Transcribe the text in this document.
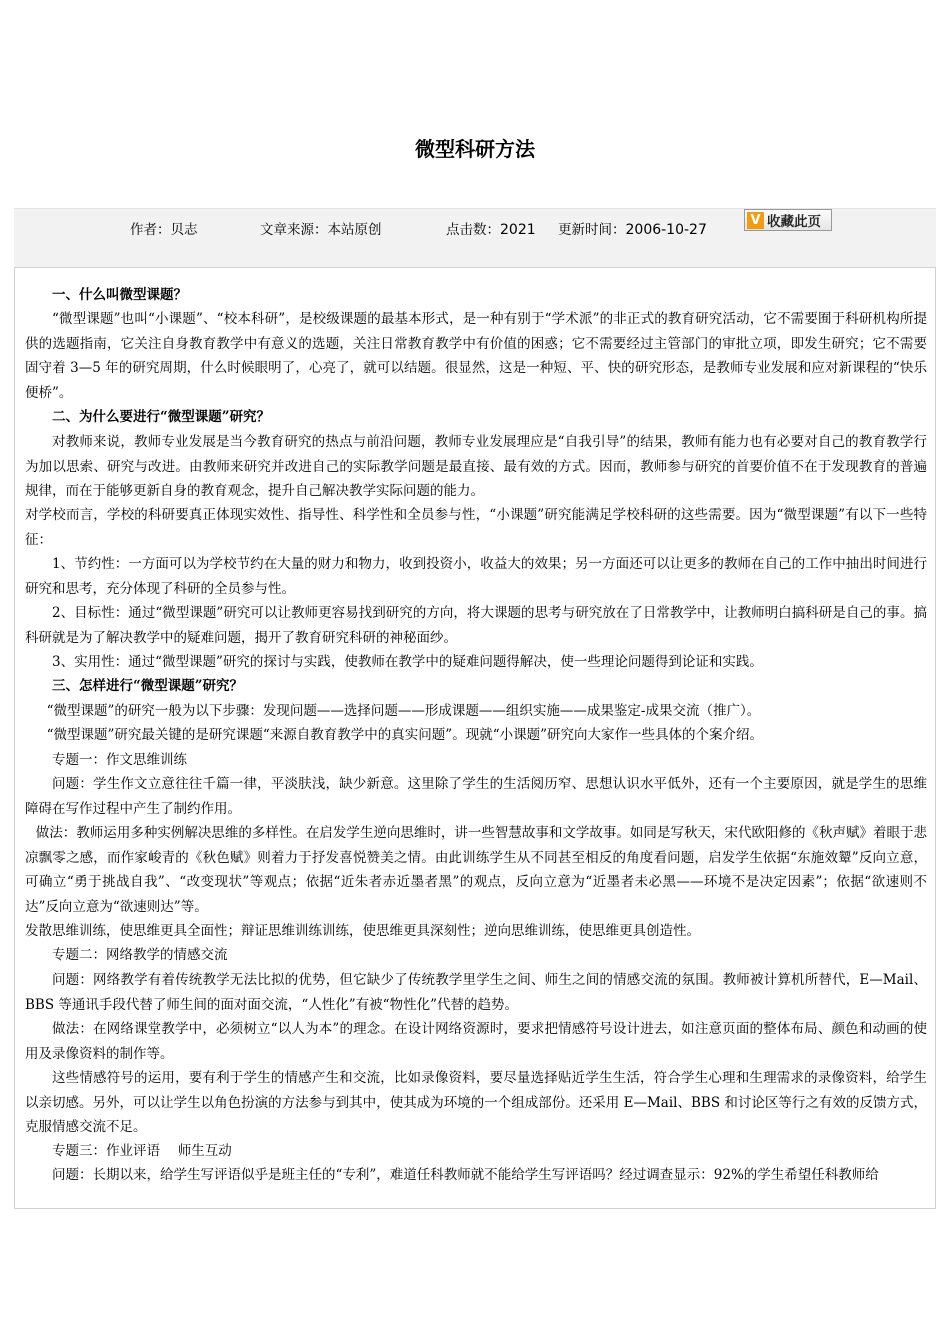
微型科研方法
作者：贝志	文章来源：本站原创	点击数：2021 更新时间：2006-10-27
V 收藏此页

一、什么叫微型课题？

“微型课题”也叫“小课题”、“校本科研”，是校级课题的最基本形式，是一种有别于“学术派”的非正式的教育研究活动，它不需要囿于科研机构所提供的选题指南，它关注自身教育教学中有意义的选题，关注日常教育教学中有价值的困惑；它不需要经过主管部门的审批立项，即发生研究；它不需要固守着 3—5 年的研究周期，什么时候眼明了，心亮了，就可以结题。很显然，这是一种短、平、快的研究形态，是教师专业发展和应对新课程的“快乐便桥”。

二、为什么要进行“微型课题”研究？

对教师来说，教师专业发展是当今教育研究的热点与前沿问题，教师专业发展理应是“自我引导”的结果，教师有能力也有必要对自己的教育教学行为加以思索、研究与改进。由教师来研究并改进自己的实际教学问题是最直接、最有效的方式。因而，教师参与研究的首要价值不在于发现教育的普遍规律，而在于能够更新自身的教育观念，提升自己解决教学实际问题的能力。

对学校而言，学校的科研要真正体现实效性、指导性、科学性和全员参与性，“小课题”研究能满足学校科研的这些需要。因为“微型课题”有以下一些特征：

1、节约性：一方面可以为学校节约在大量的财力和物力，收到投资小，收益大的效果；另一方面还可以让更多的教师在自己的工作中抽出时间进行研究和思考，充分体现了科研的全员参与性。

2、目标性：通过“微型课题”研究可以让教师更容易找到研究的方向，将大课题的思考与研究放在了日常教学中，让教师明白搞科研是自己的事。搞科研就是为了解决教学中的疑难问题，揭开了教育研究科研的神秘面纱。

3、实用性：通过“微型课题”研究的探讨与实践，使教师在教学中的疑难问题得解决，使一些理论问题得到论证和实践。

三、怎样进行“微型课题”研究？

“微型课题”的研究一般为以下步骤：发现问题——选择问题——形成课题——组织实施——成果鉴定-成果交流（推广）。

“微型课题”研究最关键的是研究课题“来源自教育教学中的真实问题”。现就“小课题”研究向大家作一些具体的个案介绍。

专题一：作文思维训练

问题：学生作文立意往往千篇一律，平淡肤浅，缺少新意。这里除了学生的生活阅历窄、思想认识水平低外，还有一个主要原因，就是学生的思维障碍在写作过程中产生了制约作用。

做法：教师运用多种实例解决思维的多样性。在启发学生逆向思维时，讲一些智慧故事和文学故事。如同是写秋天，宋代欧阳修的《秋声赋》着眼于悲凉飘零之感，而作家峻青的《秋色赋》则着力于抒发喜悦赞美之情。由此训练学生从不同甚至相反的角度看问题，启发学生依据“东施效颦”反向立意，可确立“勇于挑战自我”、“改变现状”等观点；依据“近朱者赤近墨者黑”的观点，反向立意为“近墨者未必黑——环境不是决定因素”；依据“欲速则不达”反向立意为“欲速则达”等。

发散思维训练，使思维更具全面性；辩证思维训练训练，使思维更具深刻性；逆向思维训练，使思维更具创造性。

专题二：网络教学的情感交流

问题：网络教学有着传统教学无法比拟的优势，但它缺少了传统教学里学生之间、师生之间的情感交流的氛围。教师被计算机所替代，E—Mail、BBS 等通讯手段代替了师生间的面对面交流，“人性化”有被“物性化”代替的趋势。

做法：在网络课堂教学中，必须树立“以人为本”的理念。在设计网络资源时，要求把情感符号设计进去，如注意页面的整体布局、颜色和动画的使用及录像资料的制作等。

这些情感符号的运用，要有利于学生的情感产生和交流，比如录像资料，要尽量选择贴近学生生活，符合学生心理和生理需求的录像资料，给学生以亲切感。另外，可以让学生以角色扮演的方法参与到其中，使其成为环境的一个组成部份。还采用 E—Mail、BBS 和讨论区等行之有效的反馈方式，克服情感交流不足。

专题三：作业评语　 师生互动

问题：长期以来，给学生写评语似乎是班主任的“专利”，难道任科教师就不能给学生写评语吗？经过调查显示：92%的学生希望任科教师给
